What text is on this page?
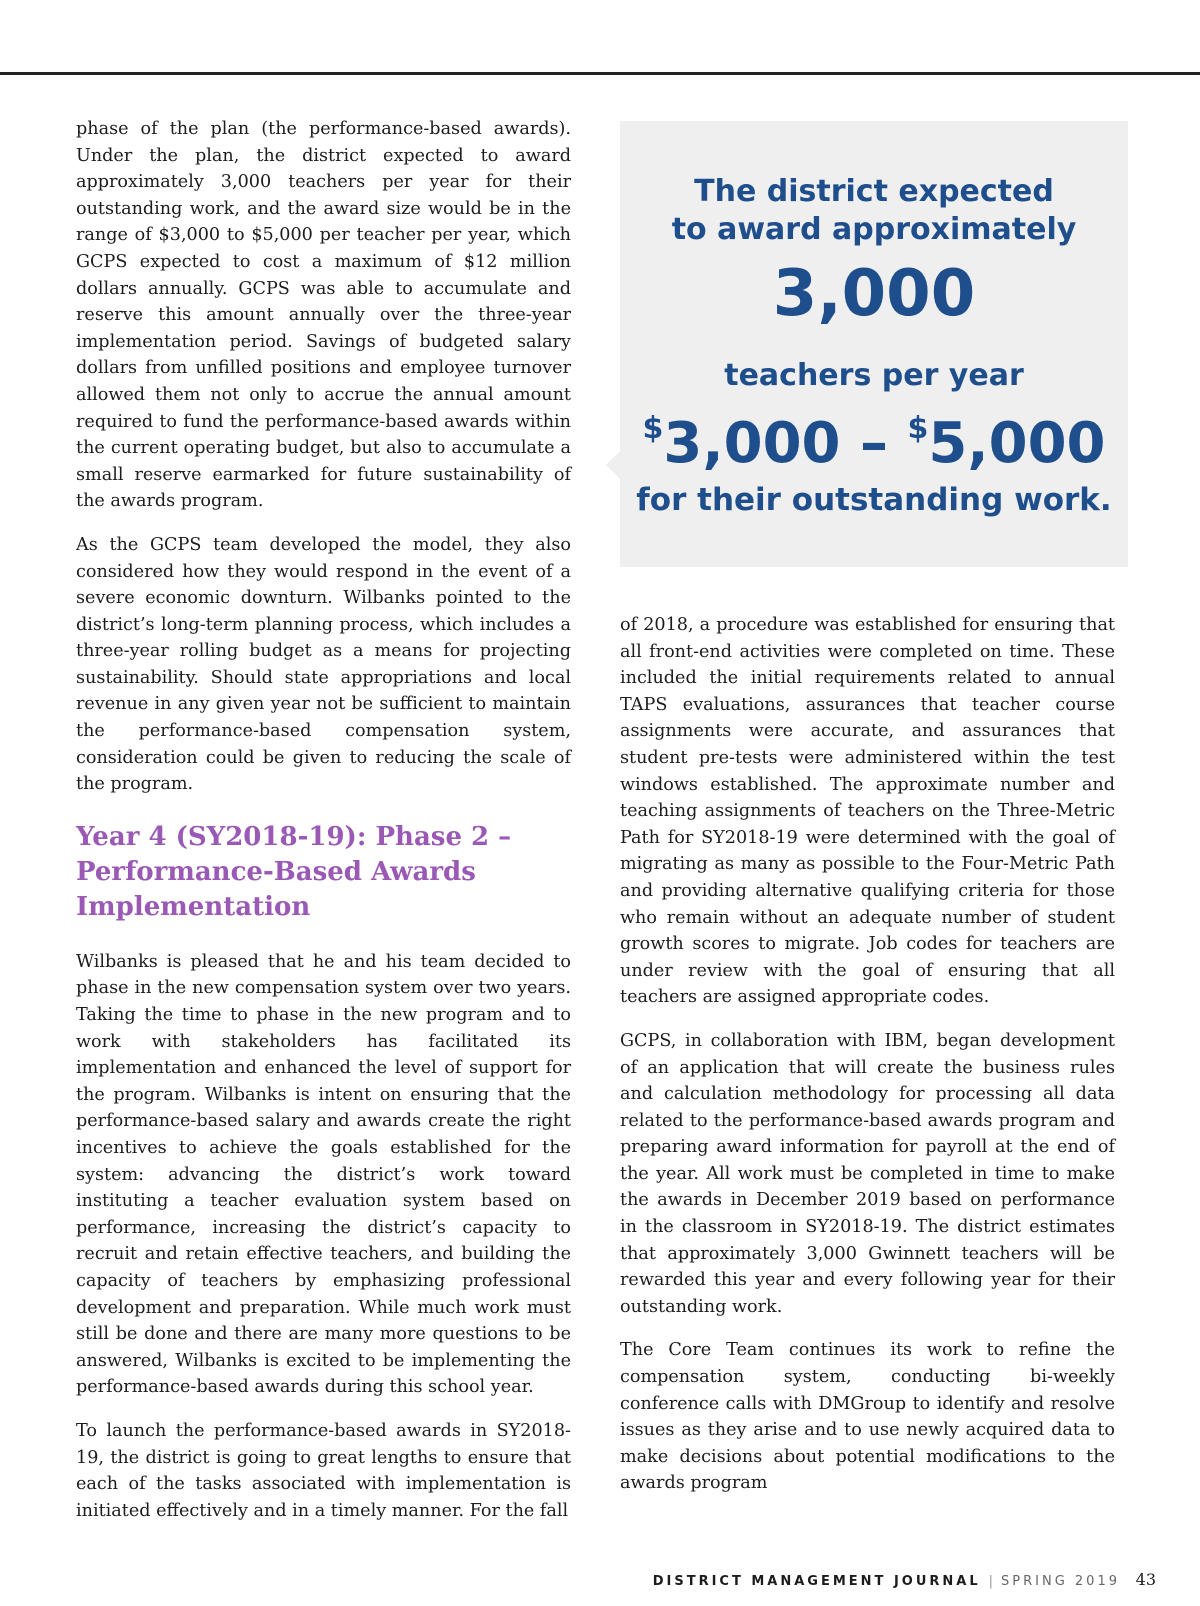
phase of the plan (the performance-based awards). Under the plan, the district expected to award approximately 3,000 teachers per year for their outstanding work, and the award size would be in the range of $3,000 to $5,000 per teacher per year, which GCPS expected to cost a maximum of $12 million dollars annually. GCPS was able to accumulate and reserve this amount annually over the three-year implementation period. Savings of budgeted salary dollars from unfilled positions and employee turnover allowed them not only to accrue the annual amount required to fund the performance-based awards within the current operating budget, but also to accumulate a small reserve earmarked for future sustainability of the awards program.

As the GCPS team developed the model, they also considered how they would respond in the event of a severe economic downturn. Wilbanks pointed to the district’s long-term planning process, which includes a three-year rolling budget as a means for projecting sustainability. Should state appropriations and local revenue in any given year not be sufficient to maintain the performance-based compensation system, consideration could be given to reducing the scale of the program.

Year 4 (SY2018-19): Phase 2 – Performance-Based Awards Implementation

Wilbanks is pleased that he and his team decided to phase in the new compensation system over two years. Taking the time to phase in the new program and to work with stakeholders has facilitated its implementation and enhanced the level of support for the program. Wilbanks is intent on ensuring that the performance-based salary and awards create the right incentives to achieve the goals established for the system: advancing the district’s work toward instituting a teacher evaluation system based on performance, increasing the district’s capacity to recruit and retain effective teachers, and building the capacity of teachers by emphasizing professional development and preparation. While much work must still be done and there are many more questions to be answered, Wilbanks is excited to be implementing the performance-based awards during this school year.

To launch the performance-based awards in SY2018-19, the district is going to great lengths to ensure that each of the tasks associated with implementation is initiated effectively and in a timely manner. For the fall

The district expected
to award approximately
3,000
teachers per year
$3,000 – $5,000
for their outstanding work.

of 2018, a procedure was established for ensuring that all front-end activities were completed on time. These included the initial requirements related to annual TAPS evaluations, assurances that teacher course assignments were accurate, and assurances that student pre-tests were administered within the test windows established. The approximate number and teaching assignments of teachers on the Three-Metric Path for SY2018-19 were determined with the goal of migrating as many as possible to the Four-Metric Path and providing alternative qualifying criteria for those who remain without an adequate number of student growth scores to migrate. Job codes for teachers are under review with the goal of ensuring that all teachers are assigned appropriate codes.

GCPS, in collaboration with IBM, began development of an application that will create the business rules and calculation methodology for processing all data related to the performance-based awards program and preparing award information for payroll at the end of the year. All work must be completed in time to make the awards in December 2019 based on performance in the classroom in SY2018-19. The district estimates that approximately 3,000 Gwinnett teachers will be rewarded this year and every following year for their outstanding work.

The Core Team continues its work to refine the compensation system, conducting bi-weekly conference calls with DMGroup to identify and resolve issues as they arise and to use newly acquired data to make decisions about potential modifications to the awards program

DISTRICT MANAGEMENT JOURNAL | SPRING 2019 43
